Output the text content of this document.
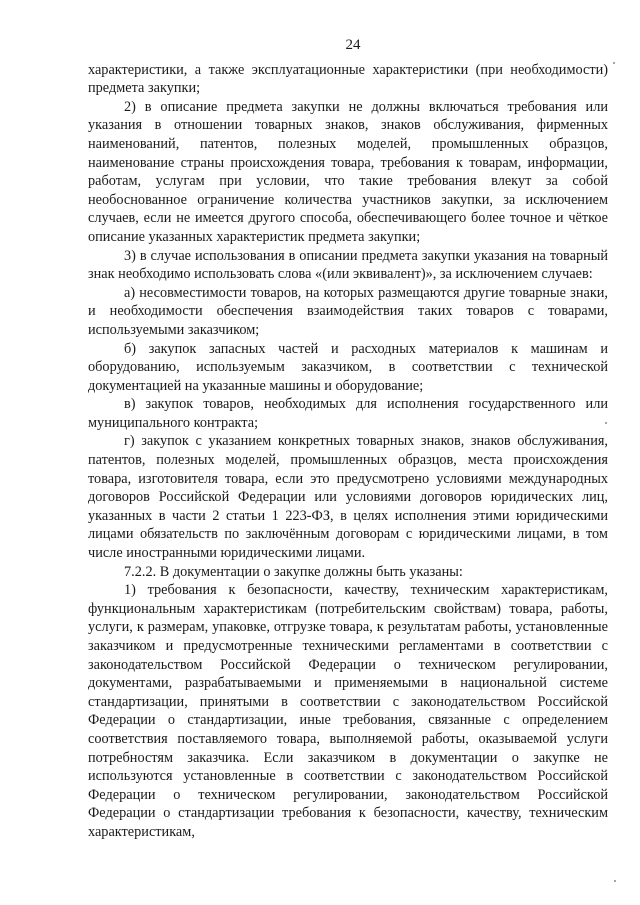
24

характеристики, а также эксплуатационные характеристики (при необходимости) предмета закупки;

2) в описание предмета закупки не должны включаться требования или указания в отношении товарных знаков, знаков обслуживания, фирменных наименований, патентов, полезных моделей, промышленных образцов, наименование страны происхождения товара, требования к товарам, информации, работам, услугам при условии, что такие требования влекут за собой необоснованное ограничение количества участников закупки, за исключением случаев, если не имеется другого способа, обеспечивающего более точное и чёткое описание указанных характеристик предмета закупки;

3) в случае использования в описании предмета закупки указания на товарный знак необходимо использовать слова «(или эквивалент)», за исключением случаев:

а) несовместимости товаров, на которых размещаются другие товарные знаки, и необходимости обеспечения взаимодействия таких товаров с товарами, используемыми заказчиком;

б) закупок запасных частей и расходных материалов к машинам и оборудованию, используемым заказчиком, в соответствии с технической документацией на указанные машины и оборудование;

в) закупок товаров, необходимых для исполнения государственного или муниципального контракта;

г) закупок с указанием конкретных товарных знаков, знаков обслуживания, патентов, полезных моделей, промышленных образцов, места происхождения товара, изготовителя товара, если это предусмотрено условиями международных договоров Российской Федерации или условиями договоров юридических лиц, указанных в части 2 статьи 1 223-ФЗ, в целях исполнения этими юридическими лицами обязательств по заключённым договорам с юридическими лицами, в том числе иностранными юридическими лицами.

7.2.2. В документации о закупке должны быть указаны:

1) требования к безопасности, качеству, техническим характеристикам, функциональным характеристикам (потребительским свойствам) товара, работы, услуги, к размерам, упаковке, отгрузке товара, к результатам работы, установленные заказчиком и предусмотренные техническими регламентами в соответствии с законодательством Российской Федерации о техническом регулировании, документами, разрабатываемыми и применяемыми в национальной системе стандартизации, принятыми в соответствии с законодательством Российской Федерации о стандартизации, иные требования, связанные с определением соответствия поставляемого товара, выполняемой работы, оказываемой услуги потребностям заказчика. Если заказчиком в документации о закупке не используются установленные в соответствии с законодательством Российской Федерации о техническом регулировании, законодательством Российской Федерации о стандартизации требования к безопасности, качеству, техническим характеристикам,
